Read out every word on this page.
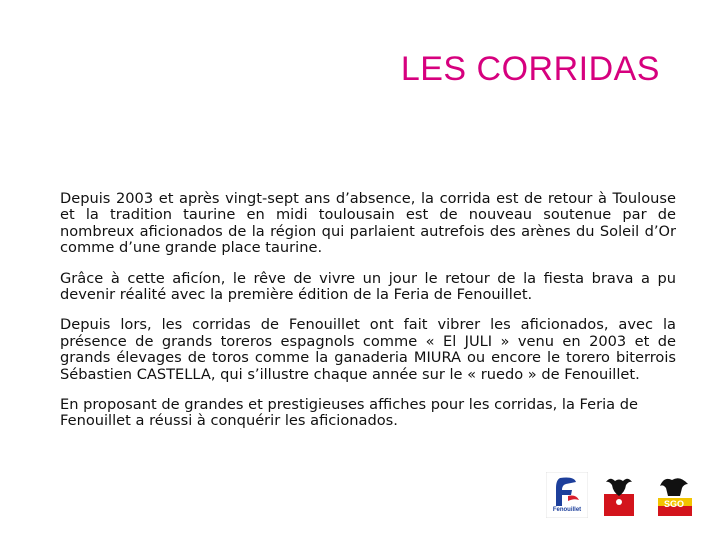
LES CORRIDAS

Depuis 2003 et après vingt-sept ans d’absence, la corrida est de retour à Toulouse et la tradition taurine en midi toulousain est de nouveau soutenue par de nombreux aficionados de la région qui parlaient autrefois des arènes du Soleil d’Or comme d’une grande place taurine.

Grâce à cette aficíon, le rêve de vivre un jour le retour de la fiesta brava a pu devenir réalité avec la première édition de la Feria de Fenouillet.

Depuis lors, les corridas de Fenouillet ont fait vibrer les aficionados, avec la présence de grands toreros espagnols comme « El JULI » venu en 2003 et de grands élevages de toros comme la ganaderia MIURA ou encore le torero biterrois Sébastien CASTELLA, qui s’illustre chaque année sur le « ruedo » de Fenouillet.

En proposant de grandes et prestigieuses affiches pour les corridas, la Feria de Fenouillet a réussi à conquérir les aficionados.

Fenouillet
SGO
